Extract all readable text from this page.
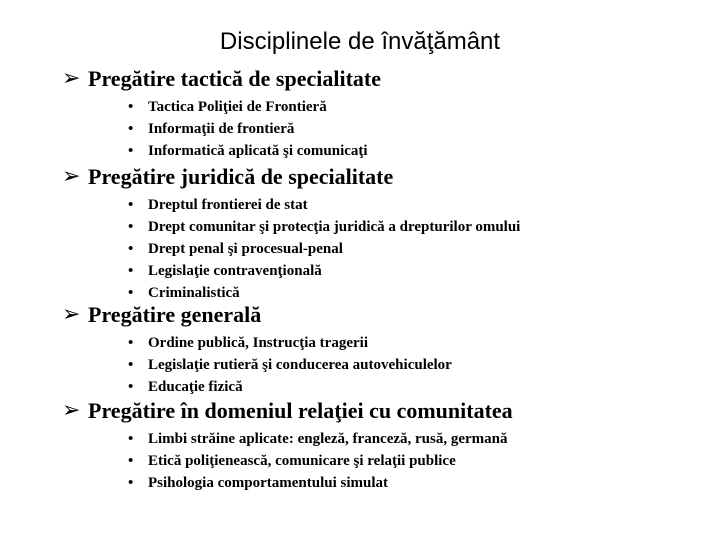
Disciplinele de învăţământ
➢ Pregătire tactică de specialitate
• Tactica Poliţiei de Frontieră
• Informaţii de frontieră
• Informatică aplicată şi comunicaţi
➢ Pregătire juridică de specialitate
• Dreptul frontierei de stat
• Drept comunitar şi protecţia juridică a drepturilor omului
• Drept penal şi procesual-penal
• Legislaţie contravenţională
• Criminalistică
➢ Pregătire generală
• Ordine publică, Instrucţia tragerii
• Legislaţie rutieră şi conducerea autovehiculelor
• Educaţie fizică
➢ Pregătire în domeniul relaţiei cu comunitatea
• Limbi străine aplicate: engleză, franceză, rusă, germană
• Etică poliţienească, comunicare şi relaţii publice
• Psihologia comportamentului simulat
